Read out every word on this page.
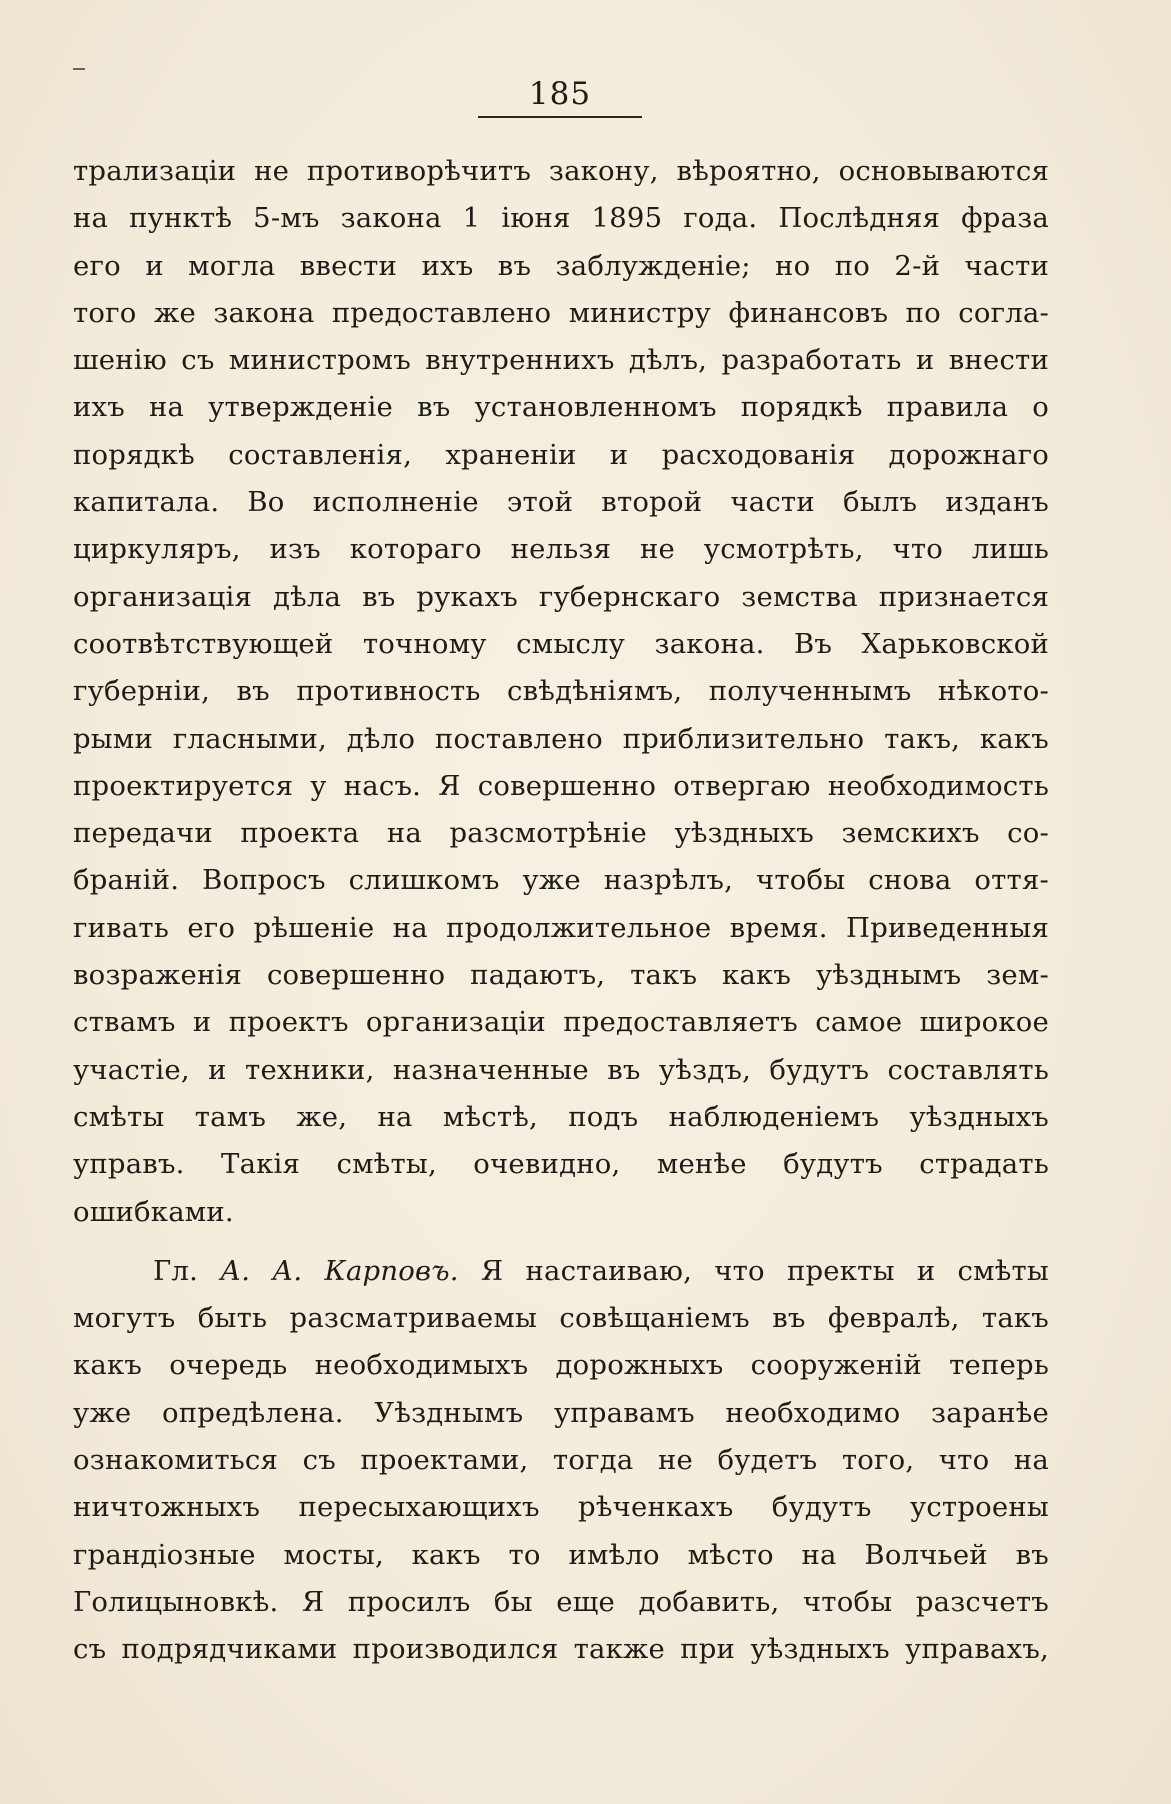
185
трализаціи не противорѣчитъ закону, вѣроятно, основываются
на пунктѣ 5-мъ закона 1 іюня 1895 года. Послѣдняя фраза
его и могла ввести ихъ въ заблужденіе; но по 2-й части
того же закона предоставлено министру финансовъ по согла-
шенію съ министромъ внутреннихъ дѣлъ, разработать и внести
ихъ на утвержденіе въ установленномъ порядкѣ правила о
порядкѣ составленія, храненіи и расходованія дорожнаго
капитала. Во исполненіе этой второй части былъ изданъ
циркуляръ, изъ котораго нельзя не усмотрѣть, что лишь
организація дѣла въ рукахъ губернскаго земства признается
соотвѣтствующей точному смыслу закона. Въ Харьковской
губерніи, въ противность свѣдѣніямъ, полученнымъ нѣкото-
рыми гласными, дѣло поставлено приблизительно такъ, какъ
проектируется у насъ. Я совершенно отвергаю необходимость
передачи проекта на разсмотрѣніе уѣздныхъ земскихъ со-
браній. Вопросъ слишкомъ уже назрѣлъ, чтобы снова оття-
гивать его рѣшеніе на продолжительное время. Приведенныя
возраженія совершенно падаютъ, такъ какъ уѣзднымъ зем-
ствамъ и проектъ организаціи предоставляетъ самое широкое
участіе, и техники, назначенные въ уѣздъ, будутъ составлять
смѣты тамъ же, на мѣстѣ, подъ наблюденіемъ уѣздныхъ
управъ. Такія смѣты, очевидно, менѣе будутъ страдать
ошибками.
Гл. А. А. Карповъ. Я настаиваю, что пректы и смѣты
могутъ быть разсматриваемы совѣщаніемъ въ февралѣ, такъ
какъ очередь необходимыхъ дорожныхъ сооруженій теперь
уже опредѣлена. Уѣзднымъ управамъ необходимо заранѣе
ознакомиться съ проектами, тогда не будетъ того, что на
ничтожныхъ пересыхающихъ рѣченкахъ будутъ устроены
грандіозные мосты, какъ то имѣло мѣсто на Волчьей въ
Голицыновкѣ. Я просилъ бы еще добавить, чтобы разсчетъ
съ подрядчиками производился также при уѣздныхъ управахъ,
